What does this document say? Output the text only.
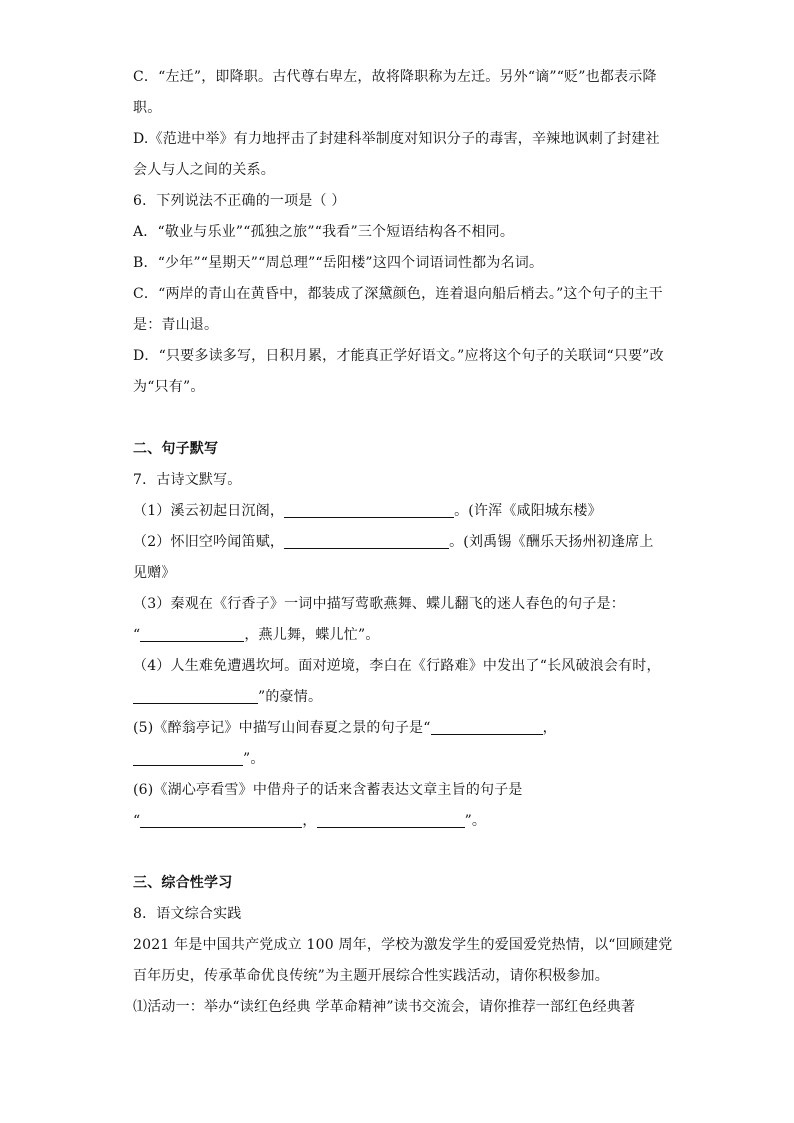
C．“左迁”，即降职。古代尊右卑左，故将降职称为左迁。另外“谪”“贬”也都表示降
职。
D.《范进中举》有力地抨击了封建科举制度对知识分子的毒害，辛辣地讽刺了封建社
会人与人之间的关系。
6．下列说法不正确的一项是（ ）
A．“敬业与乐业”“孤独之旅”“我看”三个短语结构各不相同。
B．“少年”“星期天”“周总理”“岳阳楼”这四个词语词性都为名词。
C．“两岸的青山在黄昏中，都装成了深黛颜色，连着退向船后梢去。”这个句子的主干
是：青山退。
D．“只要多读多写，日积月累，才能真正学好语文。”应将这个句子的关联词“只要”改
为“只有”。
二、句子默写
7．古诗文默写。
（1）溪云初起日沉阁，	。(许浑《咸阳城东楼》
（2）怀旧空吟闻笛赋，	。(刘禹锡《酬乐天扬州初逢席上
见赠》
（3）秦观在《行香子》一词中描写莺歌燕舞、蝶儿翻飞的迷人春色的句子是：
“	，燕儿舞，蝶儿忙”。
（4）人生难免遭遇坎坷。面对逆境，李白在《行路难》中发出了“长风破浪会有时，
”的豪情。
(5)《醉翁亭记》中描写山间春夏之景的句子是“	，
”。
(6)《湖心亭看雪》中借舟子的话来含蓄表达文章主旨的句子是
“	，	”。
三、综合性学习
8．语文综合实践
2021 年是中国共产党成立 100 周年，学校为激发学生的爱国爱党热情，以“回顾建党
百年历史，传承革命优良传统”为主题开展综合性实践活动，请你积极参加。
⑴活动一：举办“读红色经典 学革命精神”读书交流会，请你推荐一部红色经典著
